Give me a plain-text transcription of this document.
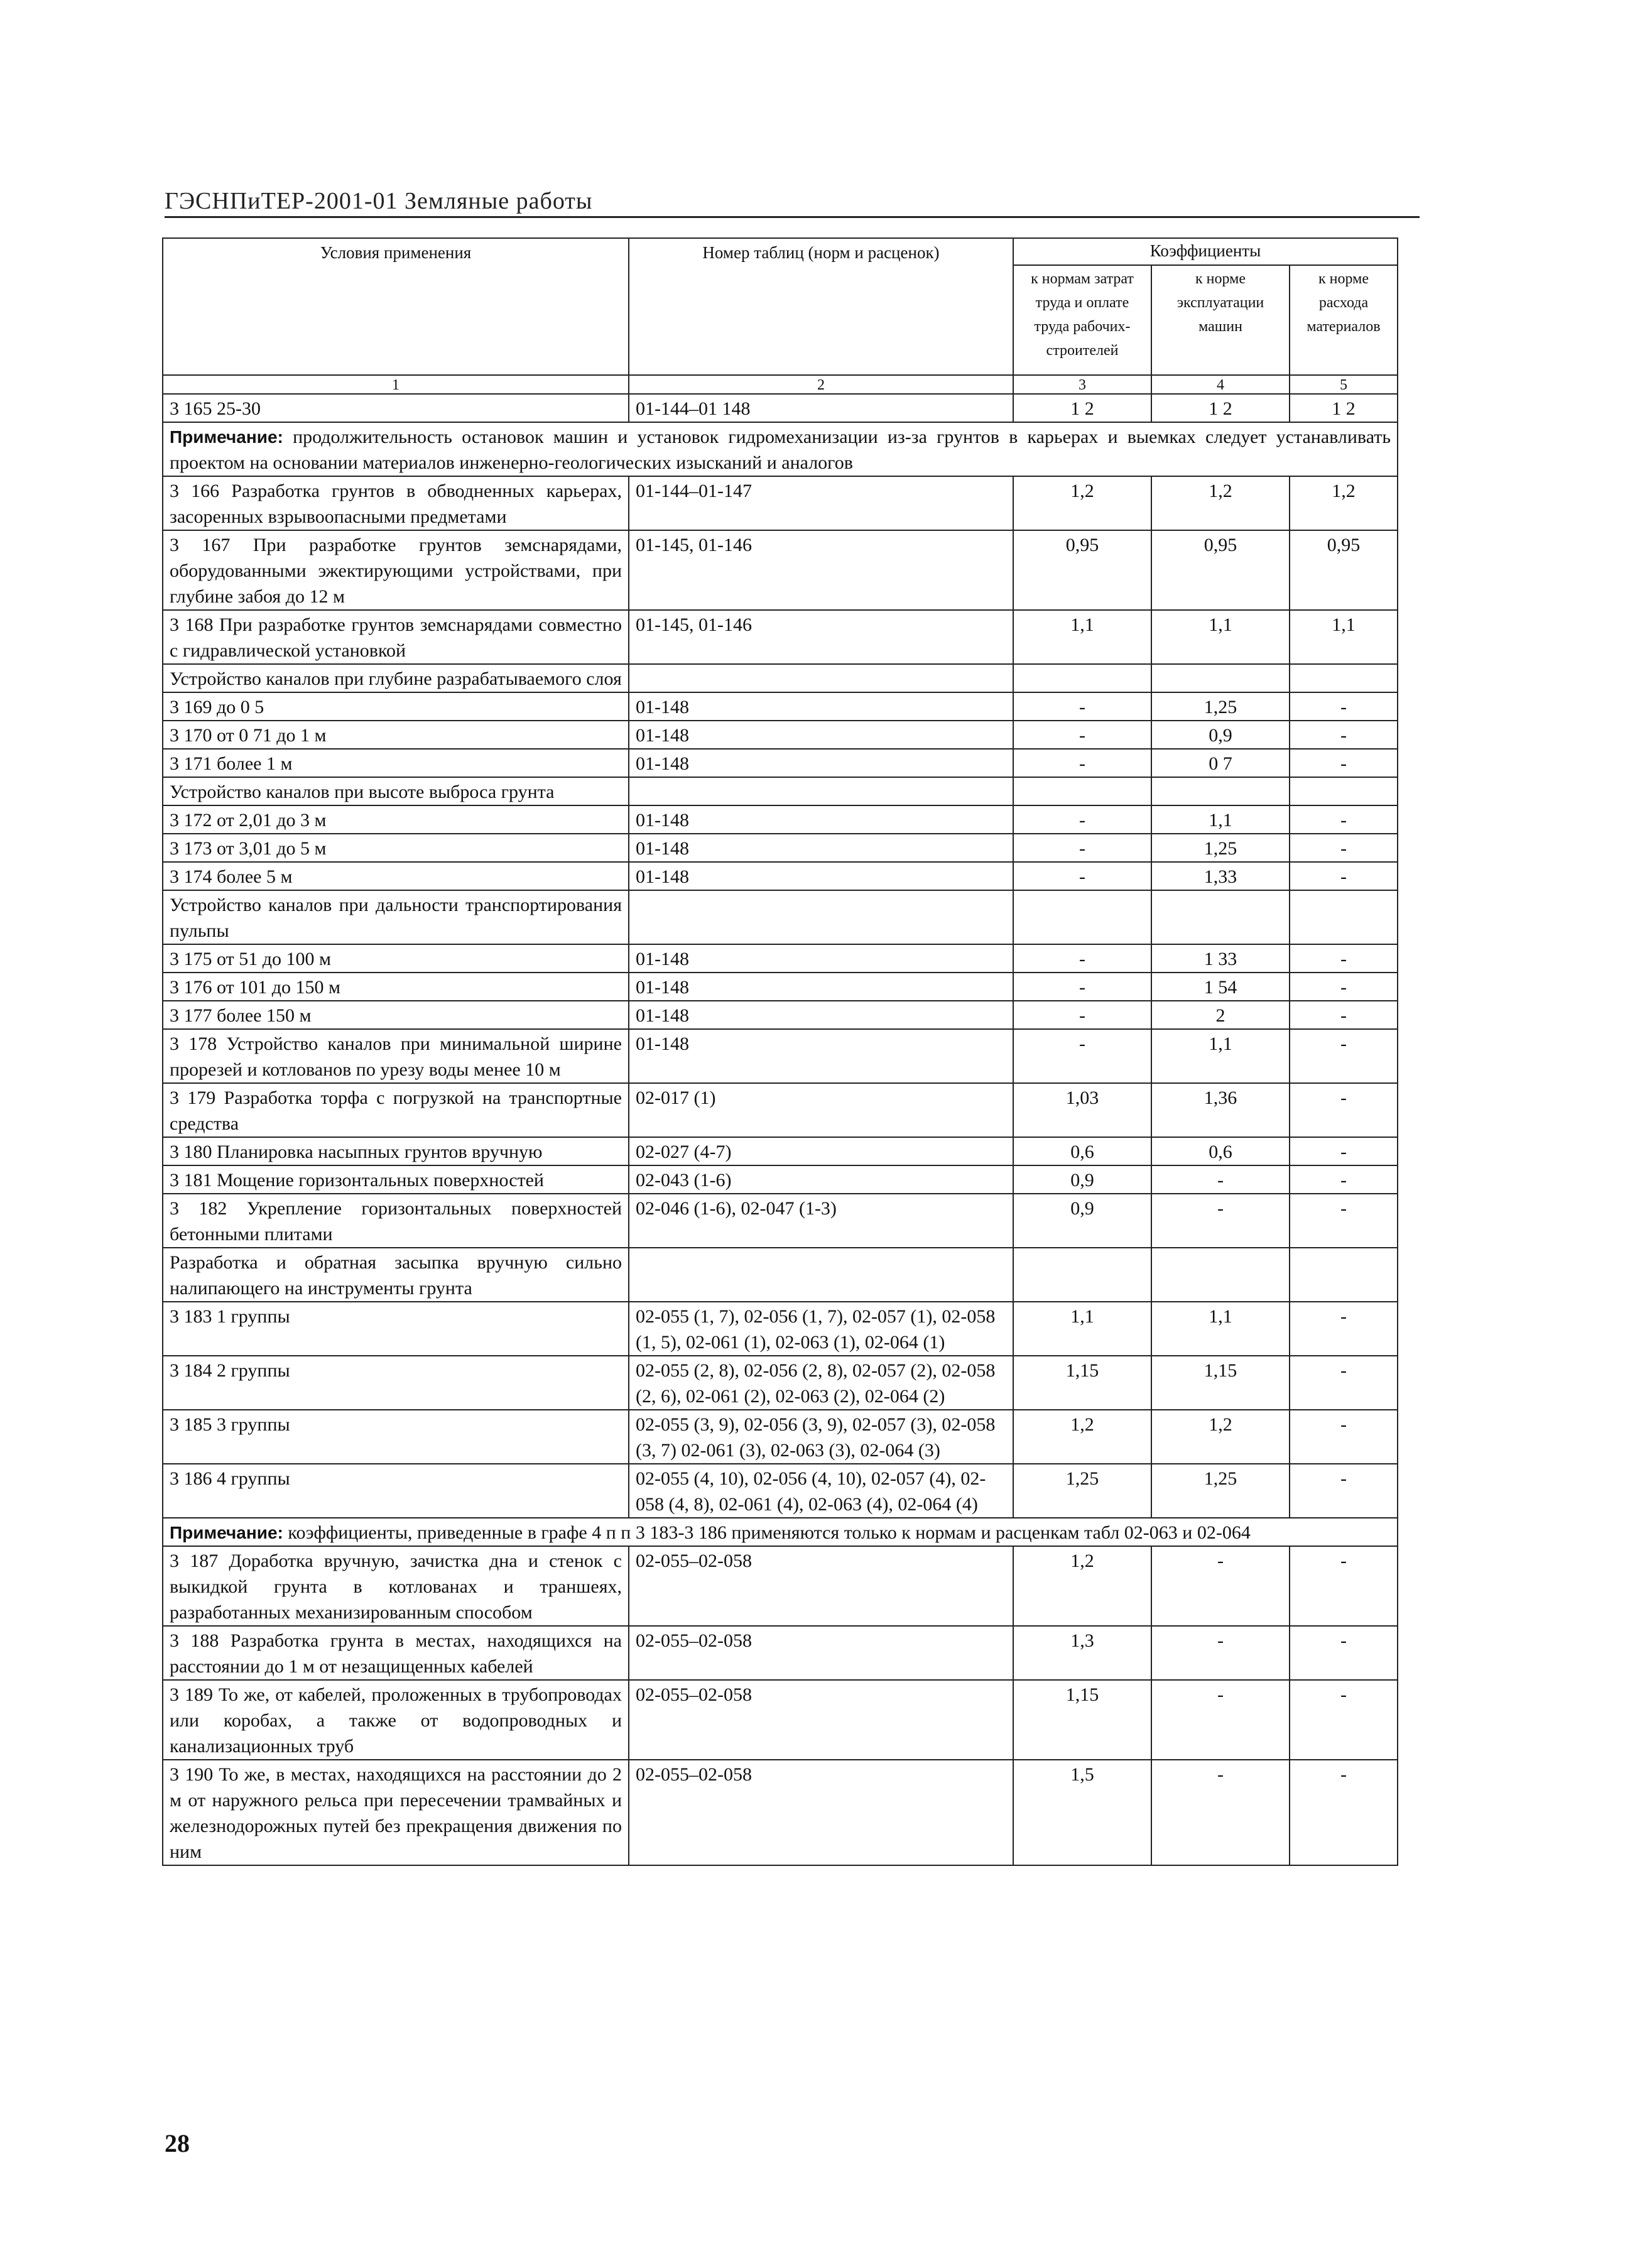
ГЭСНПиТЕР-2001-01 Земляные работы
Условия применения	Номер таблиц (норм и расценок)	Коэффициенты		
		к нормам затрат труда и оплате труда рабочих-строителей	к норме эксплуатации машин	к норме расхода материалов
1	2	3	4	5
3 165 25-30	01-144–01 148	1 2	1 2	1 2
Примечание: продолжительность остановок машин и установок гидромеханизации из-за грунтов в карьерах и выемках следует устанавливать проектом на основании материалов инженерно-геологических изысканий и аналогов				
3 166 Разработка грунтов в обводненных карьерах, засоренных взрывоопасными предметами	01-144–01-147	1,2	1,2	1,2
3 167 При разработке грунтов земснарядами, оборудованными эжектирующими устройствами, при глубине забоя до 12 м	01-145, 01-146	0,95	0,95	0,95
3 168 При разработке грунтов земснарядами совместно с гидравлической установкой	01-145, 01-146	1,1	1,1	1,1
Устройство каналов при глубине разрабатываемого слоя				
3 169 до 0 5	01-148	-	1,25	-
3 170 от 0 71 до 1 м	01-148	-	0,9	-
3 171 более 1 м	01-148	-	0 7	-
Устройство каналов при высоте выброса грунта				
3 172 от 2,01 до 3 м	01-148	-	1,1	-
3 173 от 3,01 до 5 м	01-148	-	1,25	-
3 174 более 5 м	01-148	-	1,33	-
Устройство каналов при дальности транспортирования пульпы				
3 175 от 51 до 100 м	01-148	-	1 33	-
3 176 от 101 до 150 м	01-148	-	1 54	-
3 177 более 150 м	01-148	-	2	-
3 178 Устройство каналов при минимальной ширине прорезей и котлованов по урезу воды менее 10 м	01-148	-	1,1	-
3 179 Разработка торфа с погрузкой на транспортные средства	02-017 (1)	1,03	1,36	-
3 180 Планировка насыпных грунтов вручную	02-027 (4-7)	0,6	0,6	-
3 181 Мощение горизонтальных поверхностей	02-043 (1-6)	0,9	-	-
3 182 Укрепление горизонтальных поверхностей бетонными плитами	02-046 (1-6), 02-047 (1-3)	0,9	-	-
Разработка и обратная засыпка вручную сильно налипающего на инструменты грунта				
3 183 1 группы	02-055 (1, 7), 02-056 (1, 7), 02-057 (1), 02-058 (1, 5), 02-061 (1), 02-063 (1), 02-064 (1)	1,1	1,1	-
3 184 2 группы	02-055 (2, 8), 02-056 (2, 8), 02-057 (2), 02-058 (2, 6), 02-061 (2), 02-063 (2), 02-064 (2)	1,15	1,15	-
3 185 3 группы	02-055 (3, 9), 02-056 (3, 9), 02-057 (3), 02-058 (3, 7) 02-061 (3), 02-063 (3), 02-064 (3)	1,2	1,2	-
3 186 4 группы	02-055 (4, 10), 02-056 (4, 10), 02-057 (4), 02-058 (4, 8), 02-061 (4), 02-063 (4), 02-064 (4)	1,25	1,25	-
Примечание: коэффициенты, приведенные в графе 4 п п 3 183-3 186 применяются только к нормам и расценкам табл 02-063 и 02-064				
3 187 Доработка вручную, зачистка дна и стенок с выкидкой грунта в котлованах и траншеях, разработанных механизированным способом	02-055–02-058	1,2	-	-
3 188 Разработка грунта в местах, находящихся на расстоянии до 1 м от незащищенных кабелей	02-055–02-058	1,3	-	-
3 189 То же, от кабелей, проложенных в трубопроводах или коробах, а также от водопроводных и канализационных труб	02-055–02-058	1,15	-	-
3 190 То же, в местах, находящихся на расстоянии до 2 м от наружного рельса при пересечении трамвайных и железнодорожных путей без прекращения движения по ним	02-055–02-058	1,5	-	-
28
